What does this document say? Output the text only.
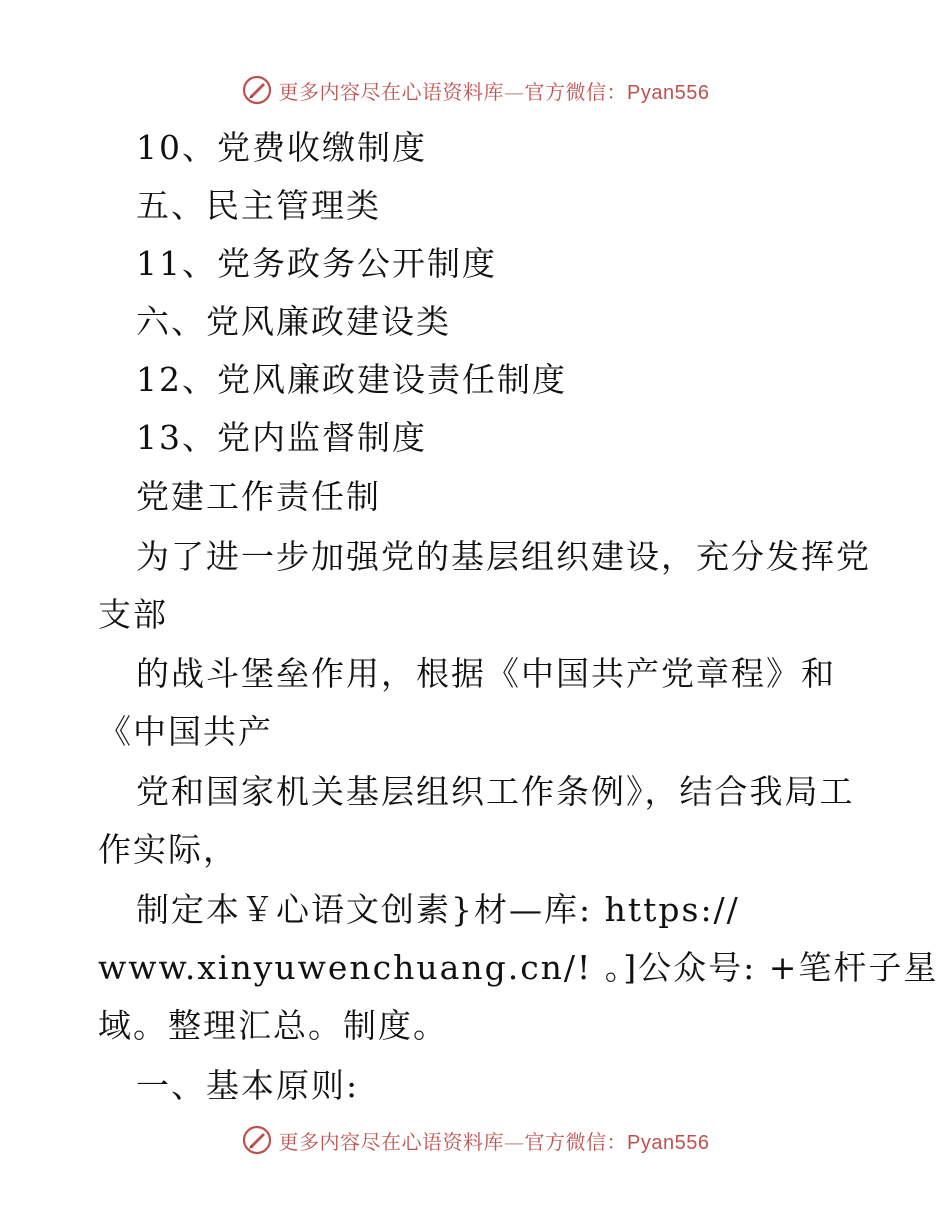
更多内容尽在心语资料库—官方微信：Pyan556
10、党费收缴制度
五、民主管理类
11、党务政务公开制度
六、党风廉政建设类
12、党风廉政建设责任制度
13、党内监督制度
党建工作责任制
为了进一步加强党的基层组织建设，充分发挥党
支部
的战斗堡垒作用，根据《中国共产党章程》和
《中国共产
党和国家机关基层组织工作条例》，结合我局工
作实际，
制定本￥心语文创素}材—库: https://
www.xinyuwenchuang.cn/! 。]公众号: +笔杆子星
域。整理汇总。制度。
一、基本原则:
更多内容尽在心语资料库—官方微信：Pyan556
